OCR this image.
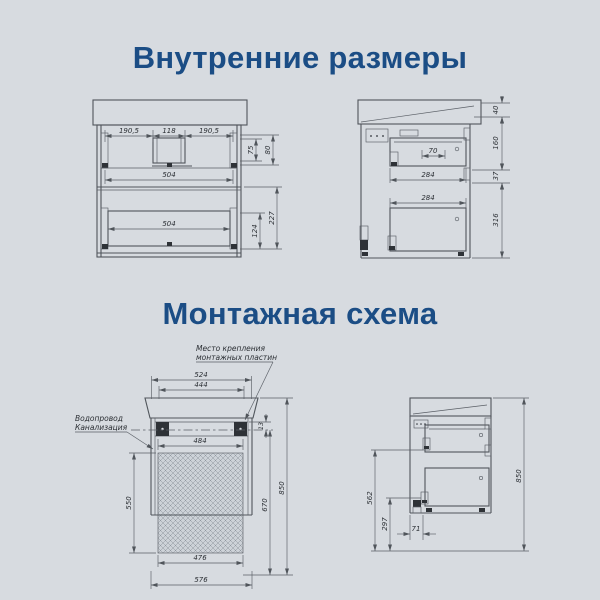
Внутренние размеры
190,5	118	190,5
504
504
75 80
124
227
70
284
284
40
160
37
316
Монтажная схема
524
444
484
13
550	670
850
476
576
Место крепления
монтажных пластин
Водопровод
Канализация
562
297	71
850
